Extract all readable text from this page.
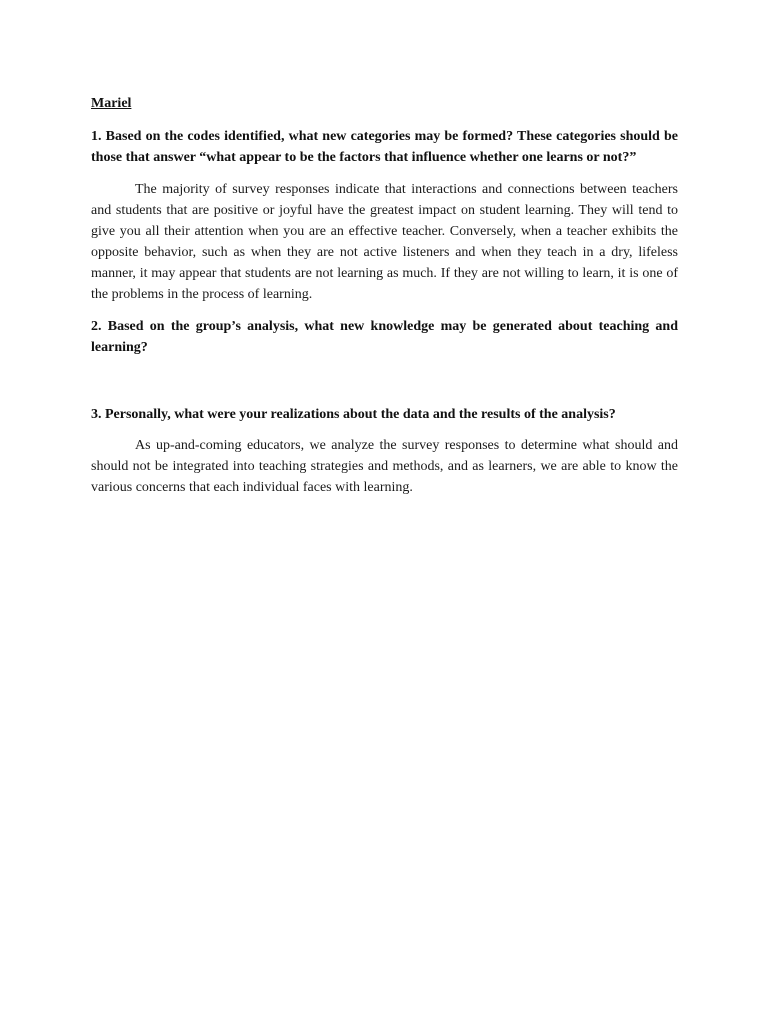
Mariel

1. Based on the codes identified, what new categories may be formed? These categories should be those that answer “what appear to be the factors that influence whether one learns or not?”

The majority of survey responses indicate that interactions and connections between teachers and students that are positive or joyful have the greatest impact on student learning. They will tend to give you all their attention when you are an effective teacher. Conversely, when a teacher exhibits the opposite behavior, such as when they are not active listeners and when they teach in a dry, lifeless manner, it may appear that students are not learning as much. If they are not willing to learn, it is one of the problems in the process of learning.

2. Based on the group’s analysis, what new knowledge may be generated about teaching and learning?

3. Personally, what were your realizations about the data and the results of the analysis?

As up-and-coming educators, we analyze the survey responses to determine what should and should not be integrated into teaching strategies and methods, and as learners, we are able to know the various concerns that each individual faces with learning.
